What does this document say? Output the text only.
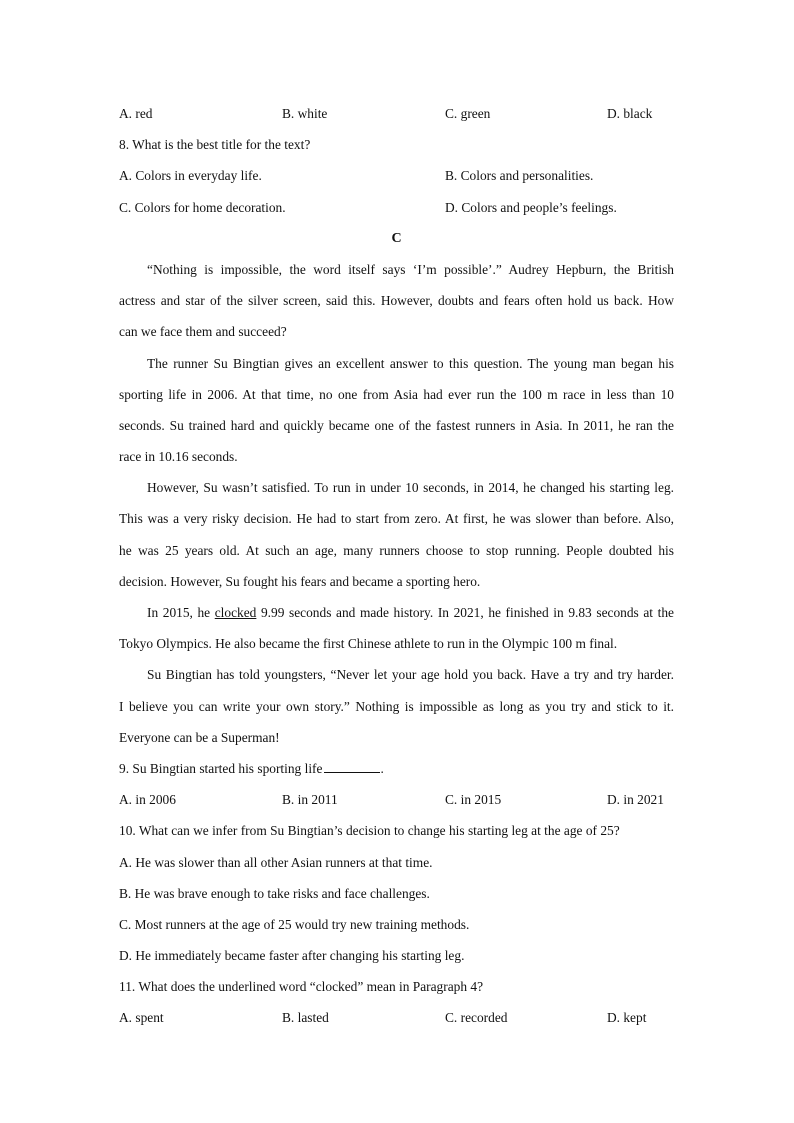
A. red	B. white	C. green	D. black
8. What is the best title for the text?
A. Colors in everyday life.	B. Colors and personalities.
C. Colors for home decoration.	D. Colors and people’s feelings.
C
“Nothing is impossible, the word itself says ‘I’m possible’.” Audrey Hepburn, the British
actress and star of the silver screen, said this. However, doubts and fears often hold us back. How
can we face them and succeed?
The runner Su Bingtian gives an excellent answer to this question. The young man began his
sporting life in 2006. At that time, no one from Asia had ever run the 100 m race in less than 10
seconds. Su trained hard and quickly became one of the fastest runners in Asia. In 2011, he ran the
race in 10.16 seconds.
However, Su wasn’t satisfied. To run in under 10 seconds, in 2014, he changed his starting leg.
This was a very risky decision. He had to start from zero. At first, he was slower than before. Also,
he was 25 years old. At such an age, many runners choose to stop running. People doubted his
decision. However, Su fought his fears and became a sporting hero.
In 2015, he clocked 9.99 seconds and made history. In 2021, he finished in 9.83 seconds at the
Tokyo Olympics. He also became the first Chinese athlete to run in the Olympic 100 m final.
Su Bingtian has told youngsters, “Never let your age hold you back. Have a try and try harder.
I believe you can write your own story.” Nothing is impossible as long as you try and stick to it.
Everyone can be a Superman!
9. Su Bingtian started his sporting life	.
A. in 2006	B. in 2011	C. in 2015	D. in 2021
10. What can we infer from Su Bingtian’s decision to change his starting leg at the age of 25?
A. He was slower than all other Asian runners at that time.
B. He was brave enough to take risks and face challenges.
C. Most runners at the age of 25 would try new training methods.
D. He immediately became faster after changing his starting leg.
11. What does the underlined word “clocked” mean in Paragraph 4?
A. spent	B. lasted	C. recorded	D. kept
